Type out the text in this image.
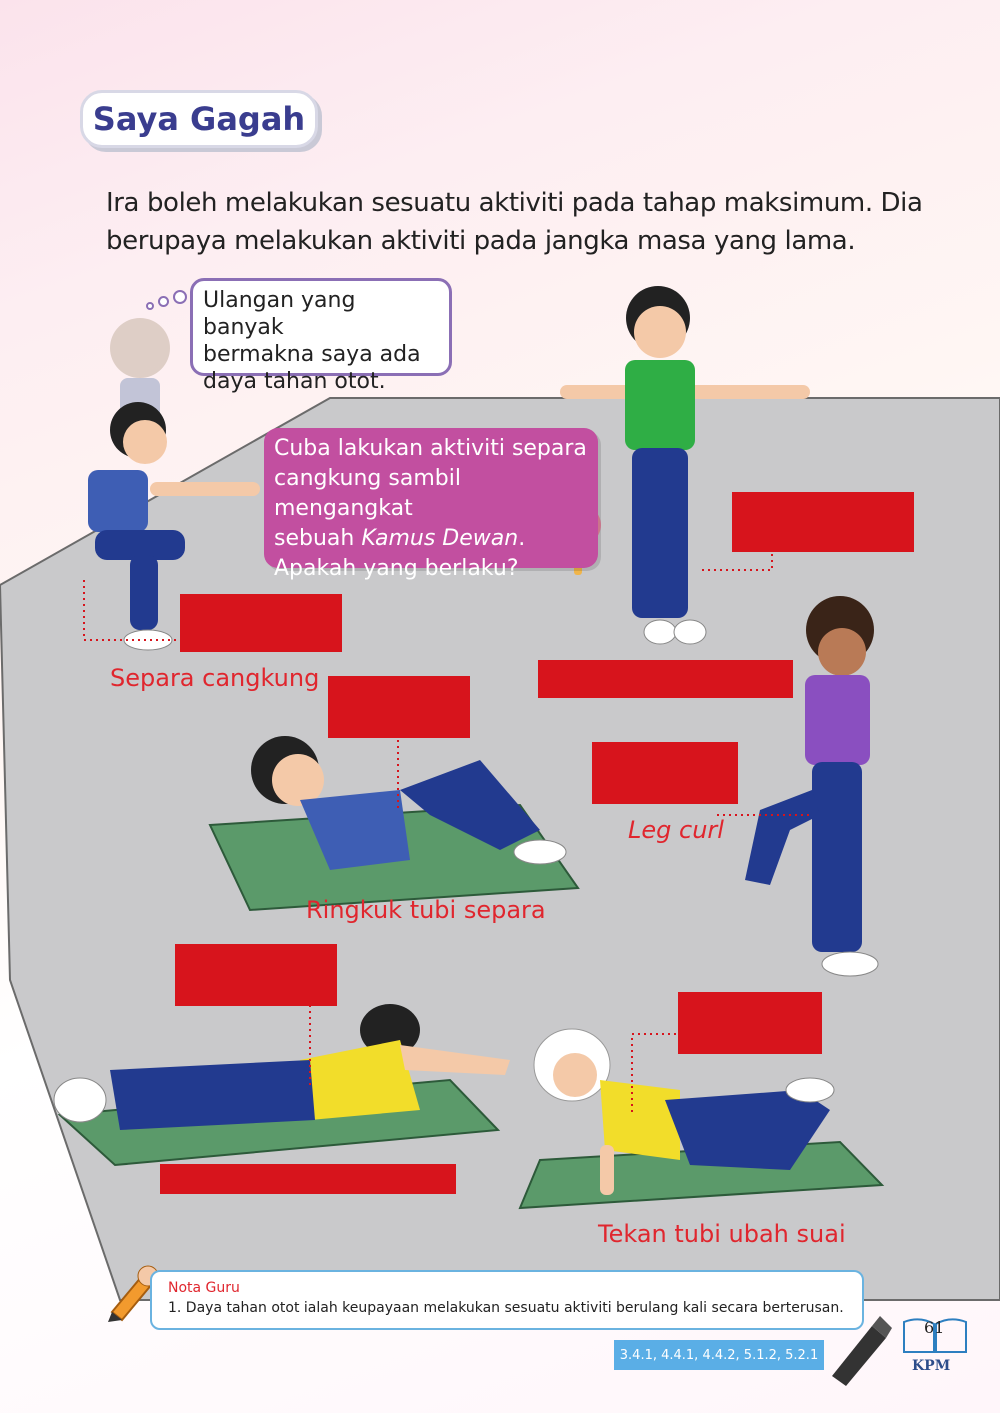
Saya Gagah
Ira boleh melakukan sesuatu aktiviti pada tahap maksimum. Dia berupaya melakukan aktiviti pada jangka masa yang lama.
Ulangan yang banyak
bermakna saya ada
daya tahan otot.
Cuba lakukan aktiviti separa
cangkung sambil mengangkat
sebuah Kamus Dewan.
Apakah yang berlaku?
Separa cangkung
Leg curl
Ringkuk tubi separa
Tekan tubi ubah suai
Nota Guru
1. Daya tahan otot ialah keupayaan melakukan sesuatu aktiviti berulang kali secara berterusan.
3.4.1, 4.4.1, 4.4.2, 5.1.2, 5.2.1
61
KPM
